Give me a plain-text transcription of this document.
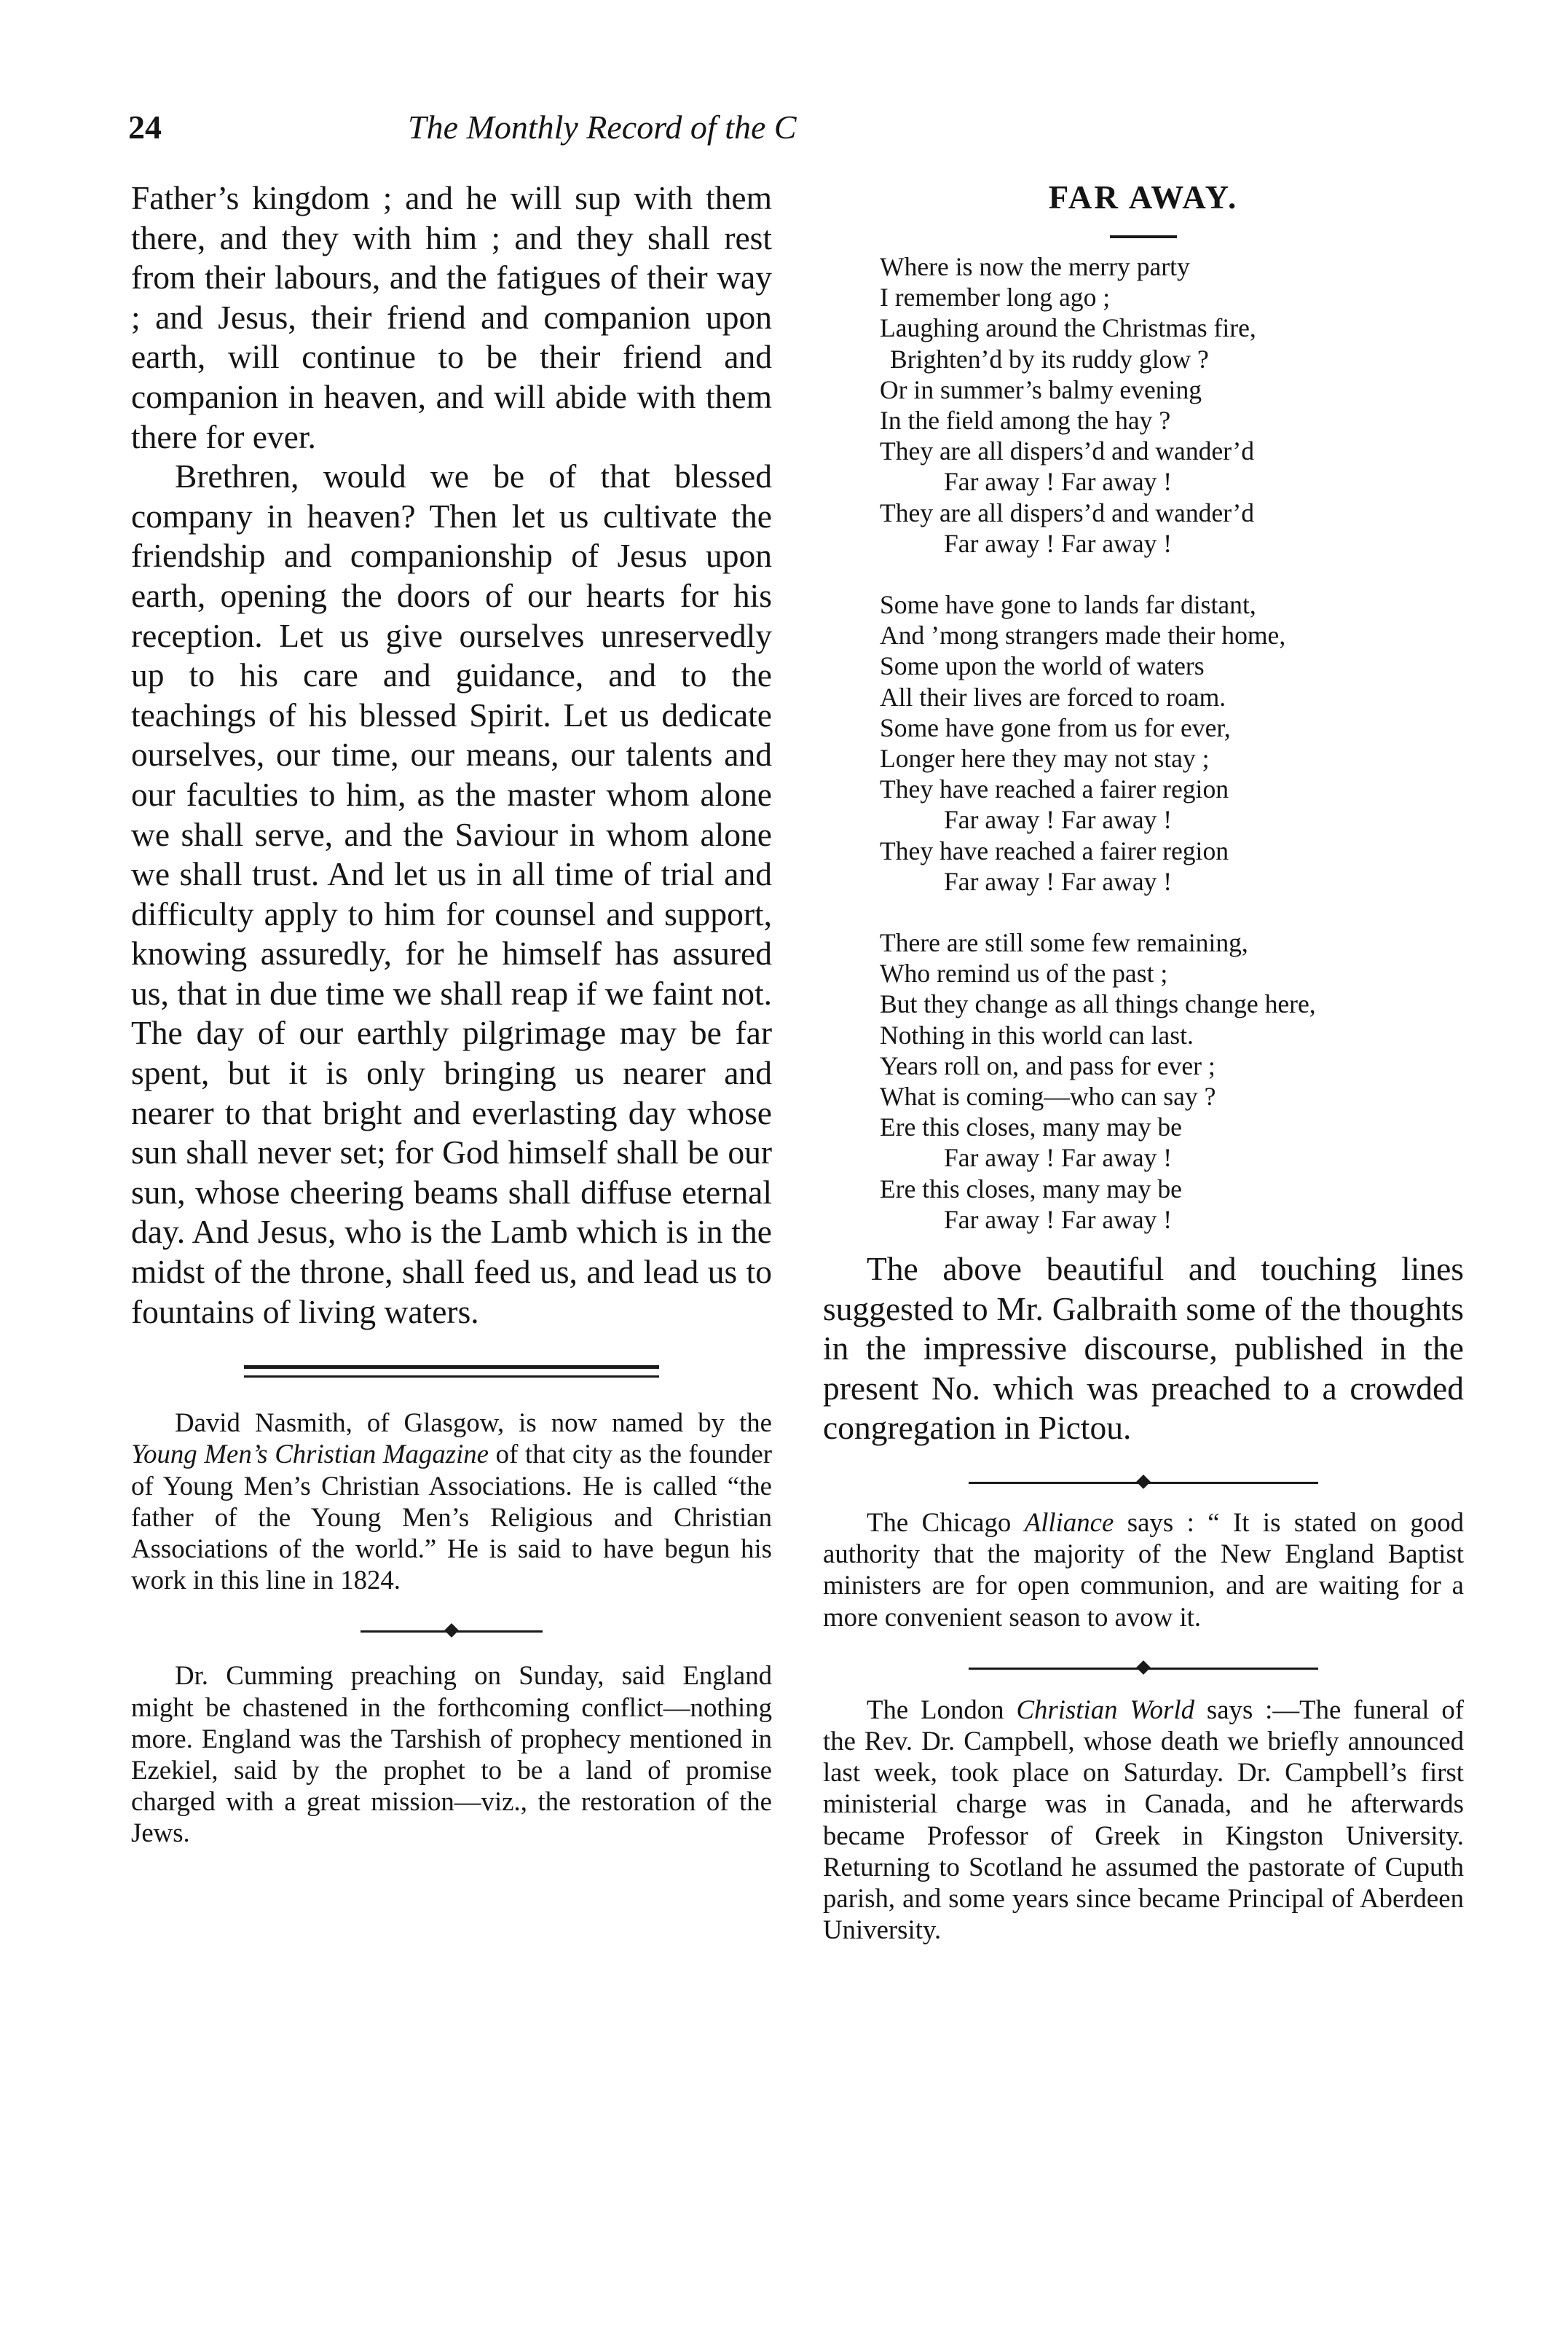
24	The Monthly Record of the C

Father’s kingdom ; and he will sup with them there, and they with him ; and they shall rest from their labours, and the fatigues of their way ; and Jesus, their friend and companion upon earth, will continue to be their friend and companion in heaven, and will abide with them there for ever.

Brethren, would we be of that blessed company in heaven? Then let us cultivate the friendship and companionship of Jesus upon earth, opening the doors of our hearts for his reception. Let us give ourselves unreservedly up to his care and guidance, and to the teachings of his blessed Spirit. Let us dedicate ourselves, our time, our means, our talents and our faculties to him, as the master whom alone we shall serve, and the Saviour in whom alone we shall trust. And let us in all time of trial and difficulty apply to him for counsel and support, knowing assuredly, for he himself has assured us, that in due time we shall reap if we faint not. The day of our earthly pilgrimage may be far spent, but it is only bringing us nearer and nearer to that bright and everlasting day whose sun shall never set; for God himself shall be our sun, whose cheering beams shall diffuse eternal day. And Jesus, who is the Lamb which is in the midst of the throne, shall feed us, and lead us to fountains of living waters.

David Nasmith, of Glasgow, is now named by the Young Men’s Christian Magazine of that city as the founder of Young Men’s Christian Associations. He is called “the father of the Young Men’s Religious and Christian Associations of the world.” He is said to have begun his work in this line in 1824.

Dr. Cumming preaching on Sunday, said England might be chastened in the forthcoming conflict—nothing more. England was the Tarshish of prophecy mentioned in Ezekiel, said by the prophet to be a land of promise charged with a great mission—viz., the restoration of the Jews.

FAR AWAY.
Where is now the merry party
I remember long ago ;
Laughing around the Christmas fire,
Brighten’d by its ruddy glow ?
Or in summer’s balmy evening
In the field among the hay ?
They are all dispers’d and wander’d
Far away ! Far away !
They are all dispers’d and wander’d
Far away ! Far away !
Some have gone to lands far distant,
And ’mong strangers made their home,
Some upon the world of waters
All their lives are forced to roam.
Some have gone from us for ever,
Longer here they may not stay ;
They have reached a fairer region
Far away ! Far away !
They have reached a fairer region
Far away ! Far away !
There are still some few remaining,
Who remind us of the past ;
But they change as all things change here,
Nothing in this world can last.
Years roll on, and pass for ever ;
What is coming—who can say ?
Ere this closes, many may be
Far away ! Far away !
Ere this closes, many may be
Far away ! Far away !

The above beautiful and touching lines suggested to Mr. Galbraith some of the thoughts in the impressive discourse, published in the present No. which was preached to a crowded congregation in Pictou.

The Chicago Alliance says : “ It is stated on good authority that the majority of the New England Baptist ministers are for open communion, and are waiting for a more convenient season to avow it.

The London Christian World says :—The funeral of the Rev. Dr. Campbell, whose death we briefly announced last week, took place on Saturday. Dr. Campbell’s first ministerial charge was in Canada, and he afterwards became Professor of Greek in Kingston University. Returning to Scotland he assumed the pastorate of Cuputh parish, and some years since became Principal of Aberdeen University.
